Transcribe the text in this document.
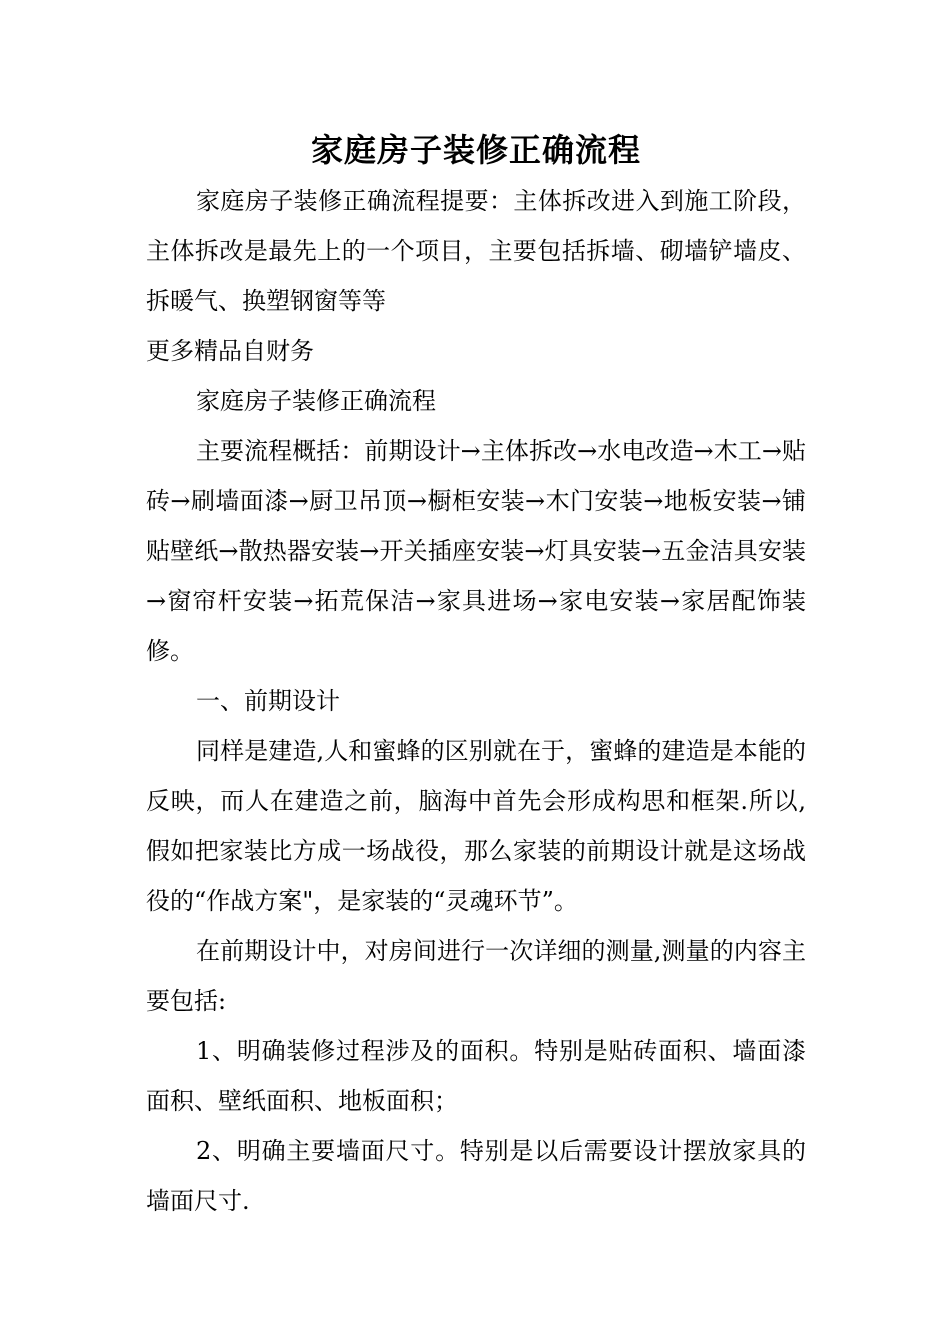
家庭房子装修正确流程

家庭房子装修正确流程提要：主体拆改进入到施工阶段，主体拆改是最先上的一个项目，主要包括拆墙、砌墙铲墙皮、拆暖气、换塑钢窗等等

更多精品自财务

家庭房子装修正确流程

主要流程概括：前期设计→主体拆改→水电改造→木工→贴砖→刷墙面漆→厨卫吊顶→橱柜安装→木门安装→地板安装→铺贴壁纸→散热器安装→开关插座安装→灯具安装→五金洁具安装→窗帘杆安装→拓荒保洁→家具进场→家电安装→家居配饰装修。

一、前期设计

同样是建造,人和蜜蜂的区别就在于，蜜蜂的建造是本能的反映，而人在建造之前，脑海中首先会形成构思和框架.所以,假如把家装比方成一场战役，那么家装的前期设计就是这场战役的“作战方案"，是家装的“灵魂环节”。

在前期设计中，对房间进行一次详细的测量,测量的内容主要包括:

1、明确装修过程涉及的面积。特别是贴砖面积、墙面漆面积、壁纸面积、地板面积；

2、明确主要墙面尺寸。特别是以后需要设计摆放家具的墙面尺寸.
